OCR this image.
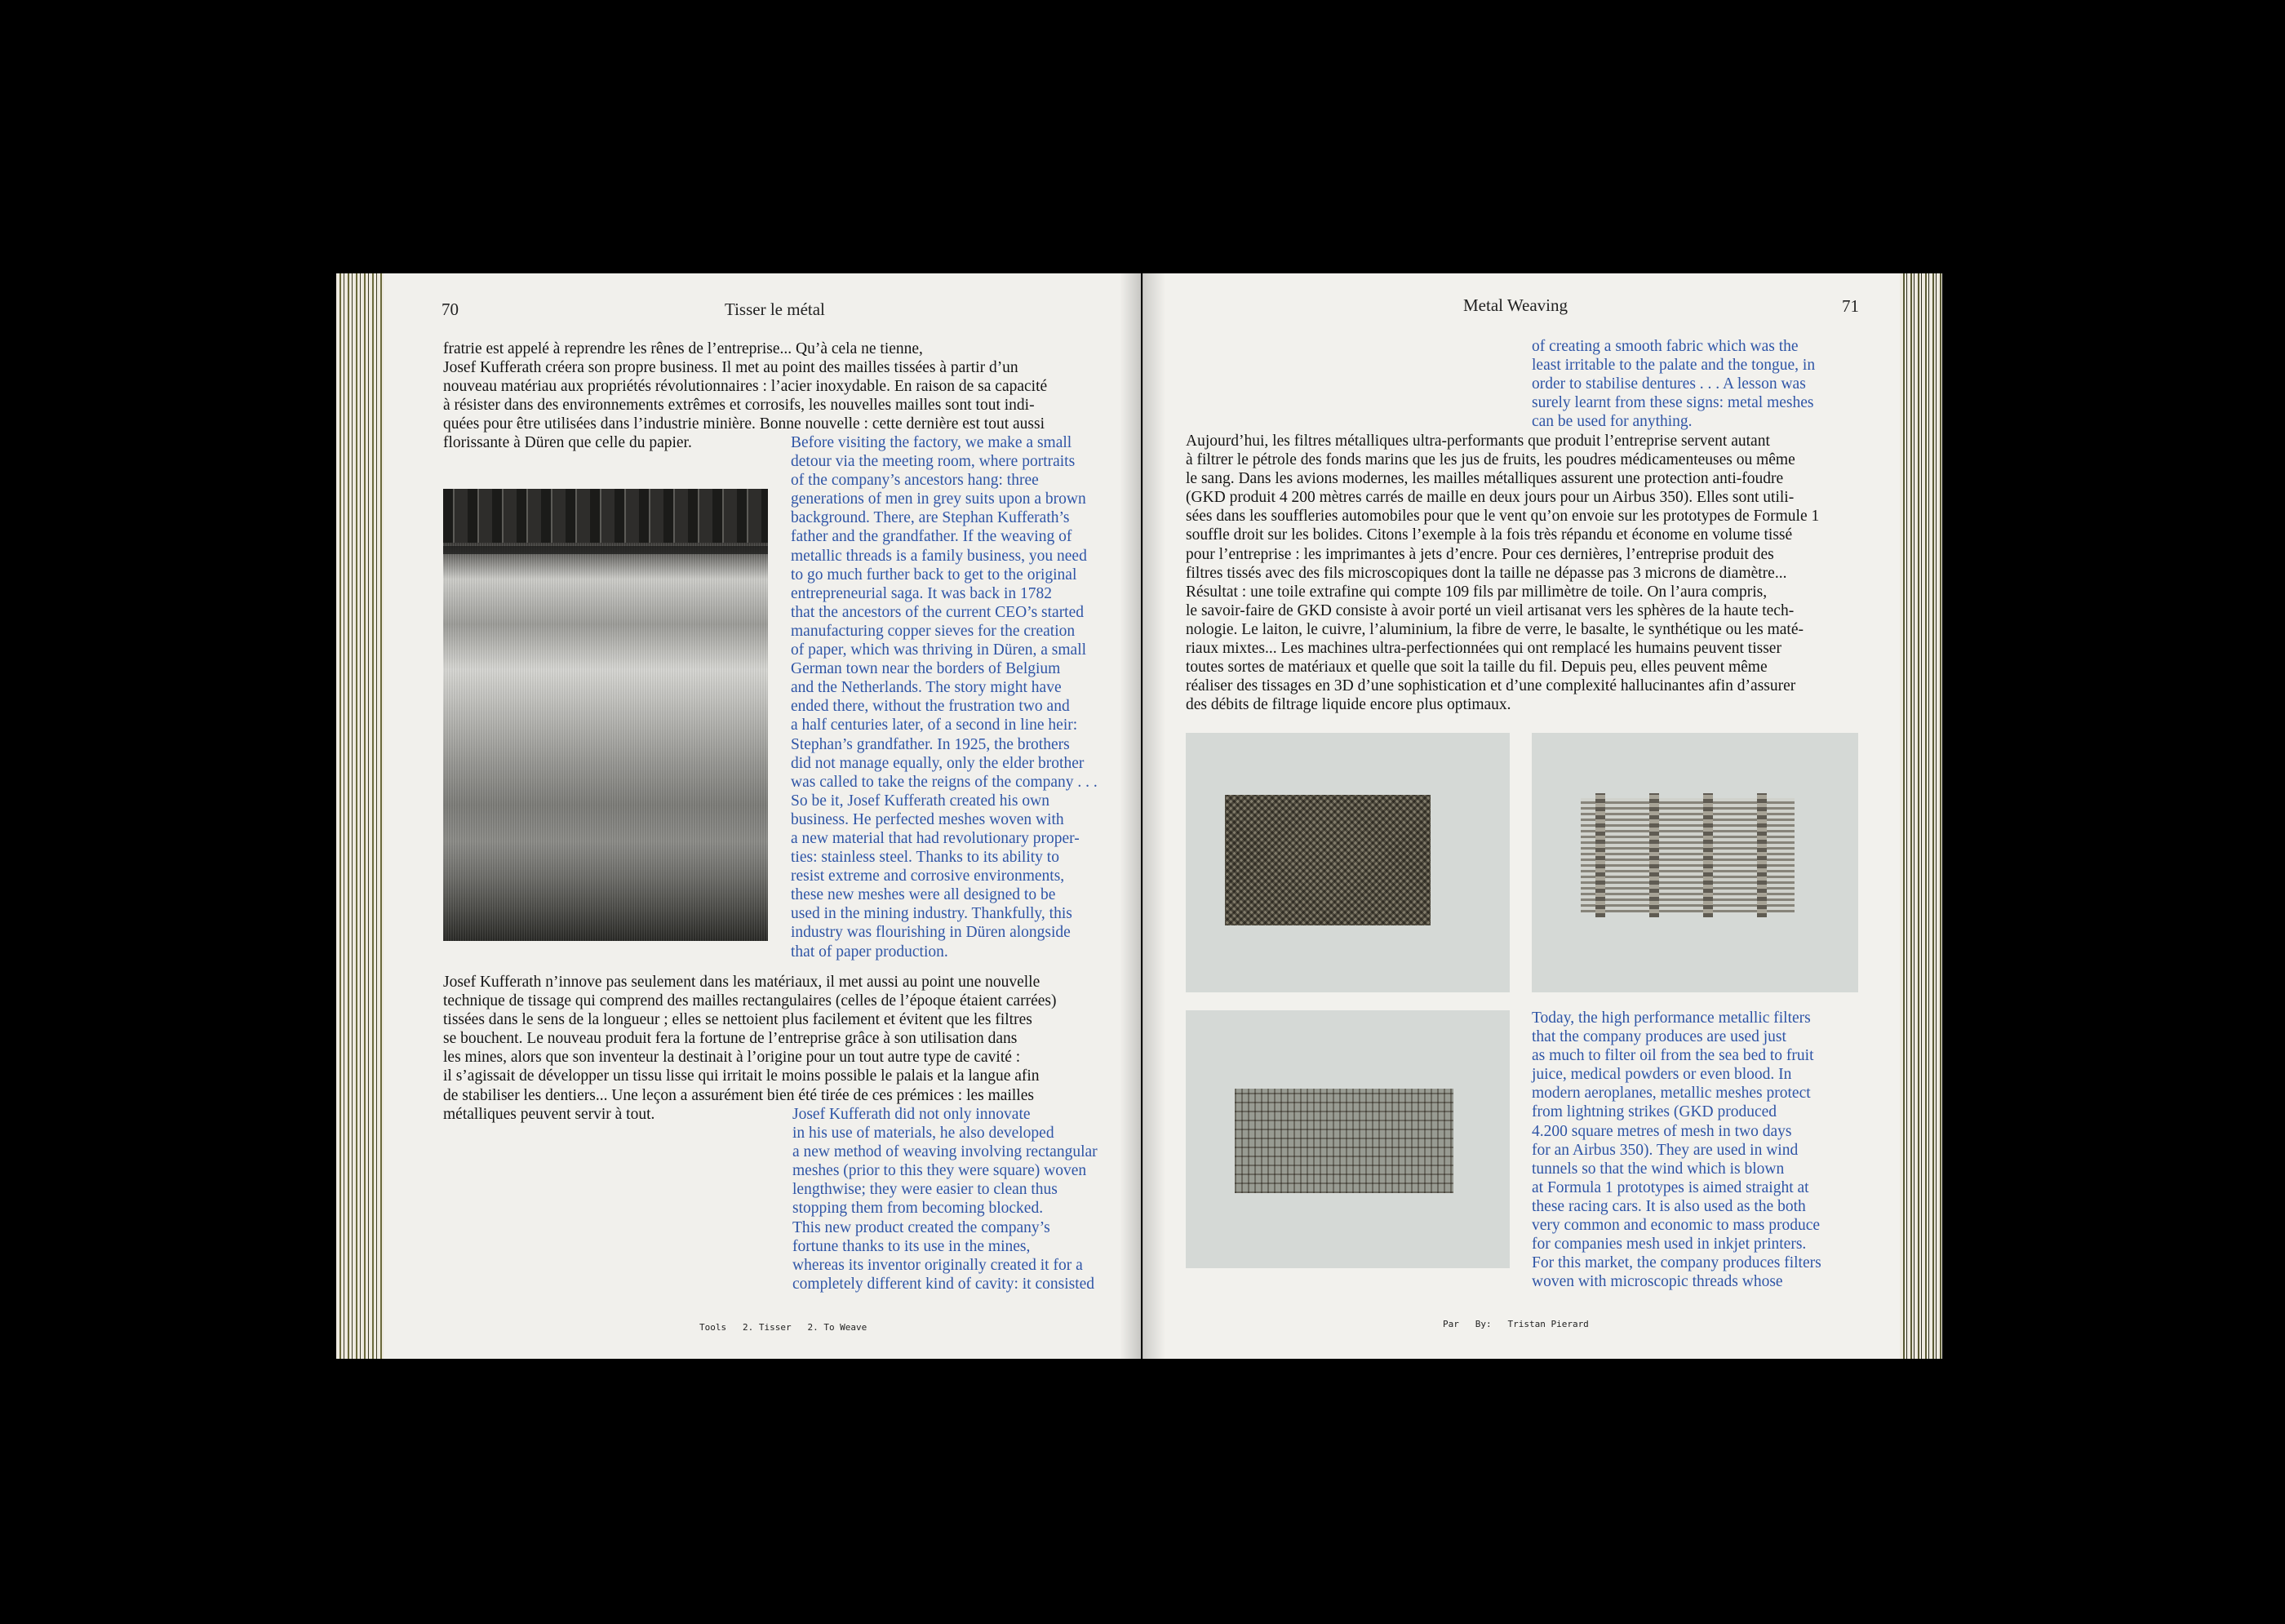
70	Tisser le métal
fratrie est appelé à reprendre les rênes de l’entreprise... Qu’à cela ne tienne,
Josef Kufferath créera son propre business. Il met au point des mailles tissées à partir d’un
nouveau matériau aux propriétés révolutionnaires : l’acier inoxydable. En raison de sa capacité
à résister dans des environnements extrêmes et corrosifs, les nouvelles mailles sont tout indi-
quées pour être utilisées dans l’industrie minière. Bonne nouvelle : cette dernière est tout aussi
florissante à Düren que celle du papier.	Before visiting the factory, we make a small
detour via the meeting room, where portraits
of the company’s ancestors hang: three
generations of men in grey suits upon a brown
background. There, are Stephan Kufferath’s
father and the grandfather. If the weaving of
metallic threads is a family business, you need
to go much further back to get to the original
entrepreneurial saga. It was back in 1782
that the ancestors of the current CEO’s started
manufacturing copper sieves for the creation
of paper, which was thriving in Düren, a small
German town near the borders of Belgium
and the Netherlands. The story might have
ended there, without the frustration two and
a half centuries later, of a second in line heir:
Stephan’s grandfather. In 1925, the brothers
did not manage equally, only the elder brother
was called to take the reigns of the company . . .
So be it, Josef Kufferath created his own
business. He perfected meshes woven with
a new material that had revolutionary proper-
ties: stainless steel. Thanks to its ability to
resist extreme and corrosive environments,
these new meshes were all designed to be
used in the mining industry. Thankfully, this
industry was flourishing in Düren alongside
that of paper production.
Josef Kufferath n’innove pas seulement dans les matériaux, il met aussi au point une nouvelle
technique de tissage qui comprend des mailles rectangulaires (celles de l’époque étaient carrées)
tissées dans le sens de la longueur ; elles se nettoient plus facilement et évitent que les filtres
se bouchent. Le nouveau produit fera la fortune de l’entreprise grâce à son utilisation dans
les mines, alors que son inventeur la destinait à l’origine pour un tout autre type de cavité :
il s’agissait de développer un tissu lisse qui irritait le moins possible le palais et la langue afin
de stabiliser les dentiers... Une leçon a assurément bien été tirée de ces prémices : les mailles
métalliques peuvent servir à tout.	Josef Kufferath did not only innovate
in his use of materials, he also developed
a new method of weaving involving rectangular
meshes (prior to this they were square) woven
lengthwise; they were easier to clean thus
stopping them from becoming blocked.
This new product created the company’s
fortune thanks to its use in the mines,
whereas its inventor originally created it for a
completely different kind of cavity: it consisted
Tools   2. Tisser   2. To Weave
Metal Weaving	71
of creating a smooth fabric which was the
least irritable to the palate and the tongue, in
order to stabilise dentures . . . A lesson was
surely learnt from these signs: metal meshes
can be used for anything.
Aujourd’hui, les filtres métalliques ultra-performants que produit l’entreprise servent autant
à filtrer le pétrole des fonds marins que les jus de fruits, les poudres médicamenteuses ou même
le sang. Dans les avions modernes, les mailles métalliques assurent une protection anti-foudre
(GKD produit 4 200 mètres carrés de maille en deux jours pour un Airbus 350). Elles sont utili-
sées dans les souffleries automobiles pour que le vent qu’on envoie sur les prototypes de Formule 1
souffle droit sur les bolides. Citons l’exemple à la fois très répandu et économe en volume tissé
pour l’entreprise : les imprimantes à jets d’encre. Pour ces dernières, l’entreprise produit des
filtres tissés avec des fils microscopiques dont la taille ne dépasse pas 3 microns de diamètre...
Résultat : une toile extrafine qui compte 109 fils par millimètre de toile. On l’aura compris,
le savoir-faire de GKD consiste à avoir porté un vieil artisanat vers les sphères de la haute tech-
nologie. Le laiton, le cuivre, l’aluminium, la fibre de verre, le basalte, le synthétique ou les maté-
riaux mixtes... Les machines ultra-perfectionnées qui ont remplacé les humains peuvent tisser
toutes sortes de matériaux et quelle que soit la taille du fil. Depuis peu, elles peuvent même
réaliser des tissages en 3D d’une sophistication et d’une complexité hallucinantes afin d’assurer
des débits de filtrage liquide encore plus optimaux.
Today, the high performance metallic filters
that the company produces are used just
as much to filter oil from the sea bed to fruit
juice, medical powders or even blood. In
modern aeroplanes, metallic meshes protect
from lightning strikes (GKD produced
4.200 square metres of mesh in two days
for an Airbus 350). They are used in wind
tunnels so that the wind which is blown
at Formula 1 prototypes is aimed straight at
these racing cars. It is also used as the both
very common and economic to mass produce
for companies mesh used in inkjet printers.
For this market, the company produces filters
woven with microscopic threads whose
Par   By:   Tristan Pierard
